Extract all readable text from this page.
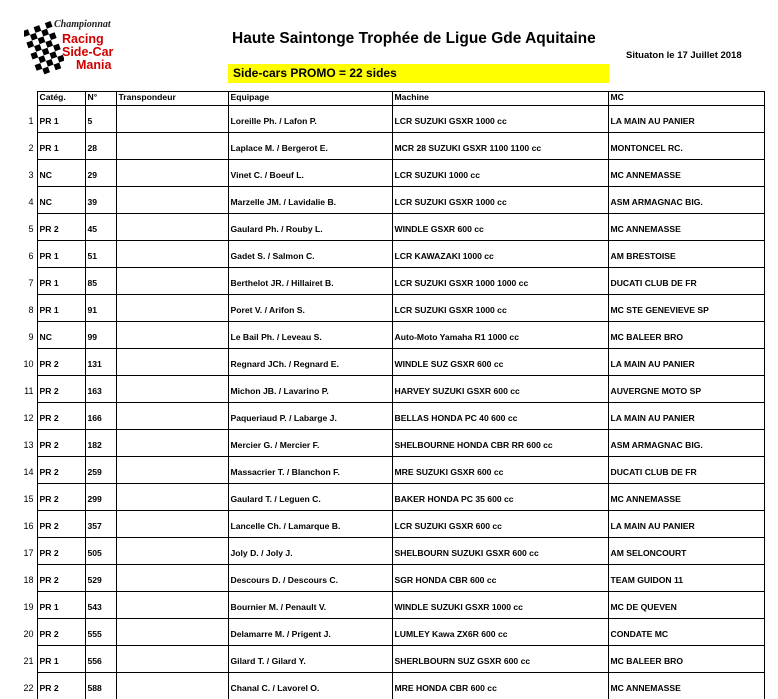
Championnat
Racing
Side-Car
Mania
Haute Saintonge Trophée de Ligue Gde Aquitaine
Situaton le 17 Juillet 2018
Side-cars PROMO = 22 sides
	Catég.	N°	Transpondeur	Equipage	Machine	MC
1	PR 1	5		Loreille Ph. / Lafon P.	LCR SUZUKI GSXR 1000 cc	LA MAIN AU PANIER
2	PR 1	28		Laplace M. / Bergerot E.	MCR 28 SUZUKI GSXR 1100 1100 cc	MONTONCEL RC.
3	NC	29		Vinet C. / Boeuf L.	LCR SUZUKI 1000 cc	MC ANNEMASSE
4	NC	39		Marzelle JM. / Lavidalie B.	LCR SUZUKI GSXR 1000 cc	ASM ARMAGNAC BIG.
5	PR 2	45		Gaulard Ph. / Rouby L.	WINDLE GSXR 600 cc	MC ANNEMASSE
6	PR 1	51		Gadet S. / Salmon C.	LCR KAWAZAKI 1000 cc	AM BRESTOISE
7	PR 1	85		Berthelot JR. / Hillairet B.	LCR SUZUKI GSXR 1000 1000 cc	DUCATI CLUB DE FR
8	PR 1	91		Poret V. / Arifon S.	LCR SUZUKI GSXR 1000 cc	MC STE GENEVIEVE SP
9	NC	99		Le Bail Ph. / Leveau S.	Auto-Moto Yamaha R1 1000 cc	MC BALEER BRO
10	PR 2	131		Regnard JCh. / Regnard E.	WINDLE SUZ GSXR 600 cc	LA MAIN AU PANIER
11	PR 2	163		Michon JB. / Lavarino P.	HARVEY SUZUKI GSXR 600 cc	AUVERGNE MOTO SP
12	PR 2	166		Paqueriaud P. / Labarge J.	BELLAS HONDA PC 40 600 cc	LA MAIN AU PANIER
13	PR 2	182		Mercier G. / Mercier F.	SHELBOURNE HONDA CBR RR 600 cc	ASM ARMAGNAC BIG.
14	PR 2	259		Massacrier T. / Blanchon F.	MRE SUZUKI GSXR 600 cc	DUCATI CLUB DE FR
15	PR 2	299		Gaulard T. / Leguen C.	BAKER HONDA PC 35 600 cc	MC ANNEMASSE
16	PR 2	357		Lancelle Ch. / Lamarque B.	LCR SUZUKI GSXR 600 cc	LA MAIN AU PANIER
17	PR 2	505		Joly D. / Joly J.	SHELBOURN SUZUKI GSXR 600 cc	AM SELONCOURT
18	PR 2	529		Descours D. / Descours C.	SGR HONDA CBR 600 cc	TEAM GUIDON 11
19	PR 1	543		Bournier M. / Penault V.	WINDLE SUZUKI GSXR 1000 cc	MC DE QUEVEN
20	PR 2	555		Delamarre M. / Prigent J.	LUMLEY Kawa ZX6R 600 cc	CONDATE MC
21	PR 1	556		Gilard T. / Gilard Y.	SHERLBOURN SUZ GSXR 600 cc	MC BALEER BRO
22	PR 2	588		Chanal C. / Lavorel O.	MRE HONDA CBR 600 cc	MC ANNEMASSE
